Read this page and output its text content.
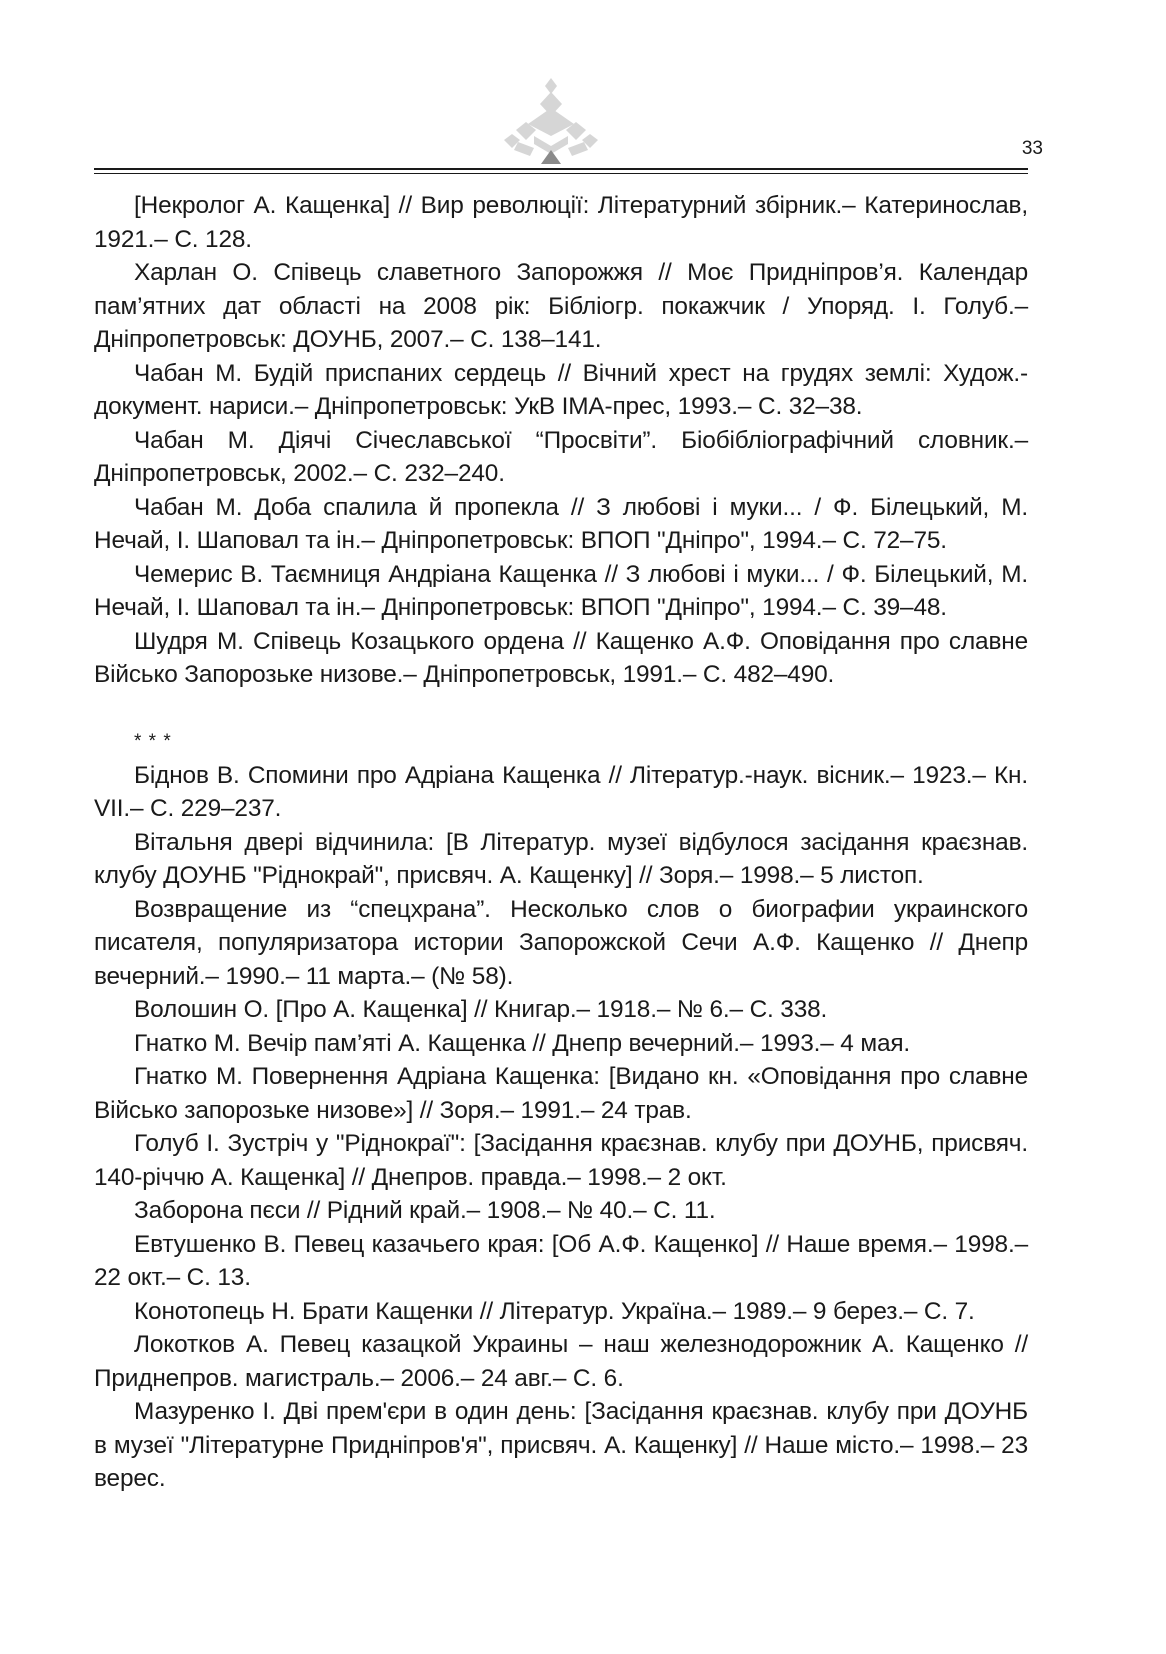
33

[Некролог А. Кащенка] // Вир революції: Літературний збірник.– Катеринослав, 1921.– С. 128.

Харлан О. Співець славетного Запорожжя // Моє Придніпров’я. Календар пам’ятних дат області на 2008 рік: Бібліогр. покажчик / Упоряд. І. Голуб.– Дніпропетровськ: ДОУНБ, 2007.– С. 138–141.

Чабан М. Будій приспаних сердець // Вічний хрест на грудях землі: Худож.-документ. нариси.– Дніпропетровськ: УкВ ІМА-прес, 1993.– С. 32–38.

Чабан М. Діячі Січеславської “Просвіти”. Біобібліографічний словник.– Дніпропетровськ, 2002.– С. 232–240.

Чабан М. Доба спалила й пропекла // З любові і муки... / Ф. Білецький, М. Нечай, І. Шаповал та ін.– Дніпропетровськ: ВПОП "Дніпро", 1994.– С. 72–75.

Чемерис В. Таємниця Андріана Кащенка // З любові і муки... / Ф. Білецький, М. Нечай, І. Шаповал та ін.– Дніпропетровськ: ВПОП "Дніпро", 1994.– С. 39–48.

Шудря М. Співець Козацького ордена // Кащенко А.Ф. Оповідання про славне Військо Запорозьке низове.– Дніпропетровськ, 1991.– С. 482–490.

* * *

Біднов В. Спомини про Адріана Кащенка // Літератур.-наук. вісник.– 1923.– Кн. VII.– С. 229–237.

Вітальня двері відчинила: [В Літератур. музеї відбулося засідання краєзнав. клубу ДОУНБ "Ріднокрай", присвяч. А. Кащенку] // Зоря.– 1998.– 5 листоп.

Возвращение из “спецхрана”. Несколько слов о биографии украинского писателя, популяризатора истории Запорожской Сечи А.Ф. Кащенко // Днепр вечерний.– 1990.– 11 марта.– (№ 58).

Волошин О. [Про А. Кащенка] // Книгар.– 1918.– № 6.– С. 338.

Гнатко М. Вечір пам’яті А. Кащенка // Днепр вечерний.– 1993.– 4 мая.

Гнатко М. Повернення Адріана Кащенка: [Видано кн. «Оповідання про славне Військо запорозьке низове»] // Зоря.– 1991.– 24 трав.

Голуб І. Зустріч у "Ріднокраї": [Засідання краєзнав. клубу при ДОУНБ, присвяч. 140-річчю А. Кащенка] // Днепров. правда.– 1998.– 2 окт.

Заборона пєси // Рідний край.– 1908.– № 40.– С. 11.

Евтушенко В. Певец казачьего края: [Об А.Ф. Кащенко] // Наше время.– 1998.– 22 окт.– С. 13.

Конотопець Н. Брати Кащенки // Літератур. Україна.– 1989.– 9 берез.– С. 7.

Локотков А. Певец казацкой Украины – наш железнодорожник А. Кащенко // Приднепров. магистраль.– 2006.– 24 авг.– С. 6.

Мазуренко І. Дві прем'єри в один день: [Засідання краєзнав. клубу при ДОУНБ в музеї "Літературне Придніпров'я", присвяч. А. Кащенку] // Наше місто.– 1998.– 23 верес.
